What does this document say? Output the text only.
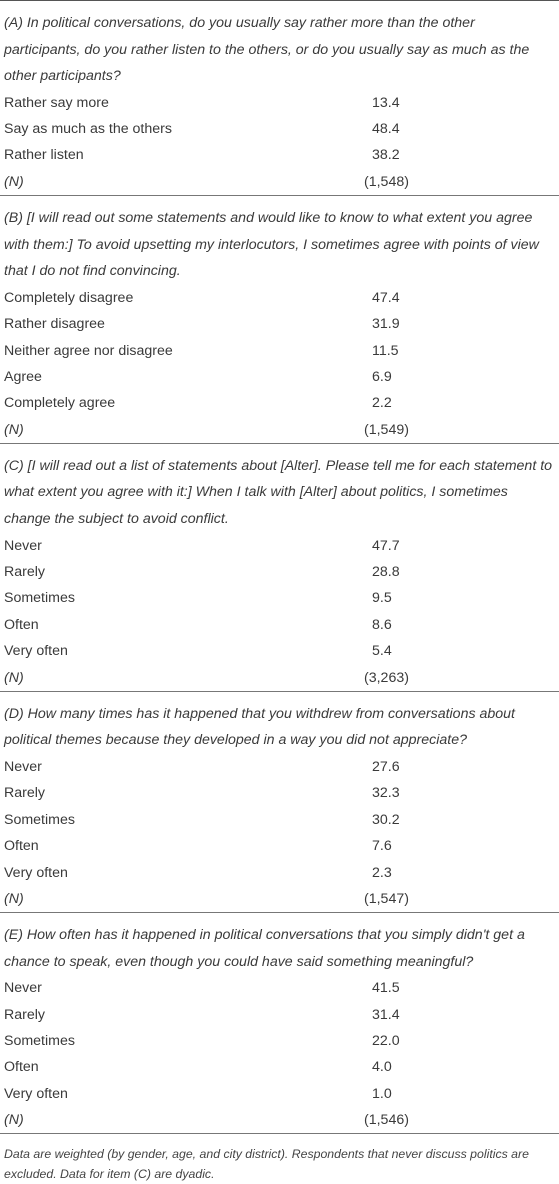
(A) In political conversations, do you usually say rather more than the other participants, do you rather listen to the others, or do you usually say as much as the other participants?
Rather say more	13.4
Say as much as the others	48.4
Rather listen	38.2
(N)	(1,548)
(B) [I will read out some statements and would like to know to what extent you agree with them:] To avoid upsetting my interlocutors, I sometimes agree with points of view that I do not find convincing.
Completely disagree	47.4
Rather disagree	31.9
Neither agree nor disagree	11.5
Agree	6.9
Completely agree	2.2
(N)	(1,549)
(C) [I will read out a list of statements about [Alter]. Please tell me for each statement to what extent you agree with it:] When I talk with [Alter] about politics, I sometimes change the subject to avoid conflict.
Never	47.7
Rarely	28.8
Sometimes	9.5
Often	8.6
Very often	5.4
(N)	(3,263)
(D) How many times has it happened that you withdrew from conversations about political themes because they developed in a way you did not appreciate?
Never	27.6
Rarely	32.3
Sometimes	30.2
Often	7.6
Very often	2.3
(N)	(1,547)
(E) How often has it happened in political conversations that you simply didn't get a chance to speak, even though you could have said something meaningful?
Never	41.5
Rarely	31.4
Sometimes	22.0
Often	4.0
Very often	1.0
(N)	(1,546)
Data are weighted (by gender, age, and city district). Respondents that never discuss politics are excluded. Data for item (C) are dyadic.
